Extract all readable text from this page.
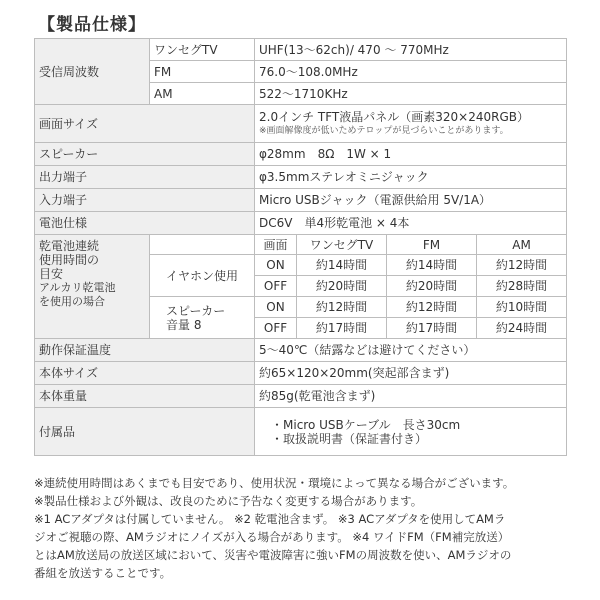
【製品仕様】
受信周波数	ワンセグTV	UHF(13～62ch)/ 470 ～ 770MHz			
	FM	76.0～108.0MHz			
	AM	522～1710KHz			
画面サイズ		2.0インチ TFT液晶パネル（画素320×240RGB）
※画面解像度が低いためテロップが見づらいことがあります。			

スピーカー		φ28mm　8Ω　1W × 1			
出力端子		φ3.5mmステレオミニジャック			
入力端子		Micro USBジャック（電源供給用 5V/1A）			
電池仕様		DC6V　単4形乾電池 × 4本			

乾電池連続
使用時間の
目安
アルカリ乾電池
を使用の場合		画面	ワンセグTV	FM	AM
	イヤホン使用	ON	約14時間	約14時間	約12時間
		OFF	約20時間	約20時間	約28時間

	スピーカー
音量 8	ON	約12時間	約12時間	約10時間
		OFF	約17時間	約17時間	約24時間
動作保証温度		5～40℃（結露などは避けてください）			
本体サイズ		約65×120×20mm(突起部含まず)			
本体重量		約85g(乾電池含まず)			
付属品		・Micro USBケーブル　長さ30cm
・取扱説明書（保証書付き）			

※連続使用時間はあくまでも目安であり、使用状況・環境によって異なる場合がございます。

※製品仕様および外観は、改良のために予告なく変更する場合があります。

※1 ACアダプタは付属していません。 ※2 乾電池含まず。 ※3 ACアダプタを使用してAMラ

ジオご視聴の際、AMラジオにノイズが入る場合があります。 ※4 ワイドFM（FM補完放送）

とはAM放送局の放送区域において、災害や電波障害に強いFMの周波数を使い、AMラジオの

番組を放送することです。
